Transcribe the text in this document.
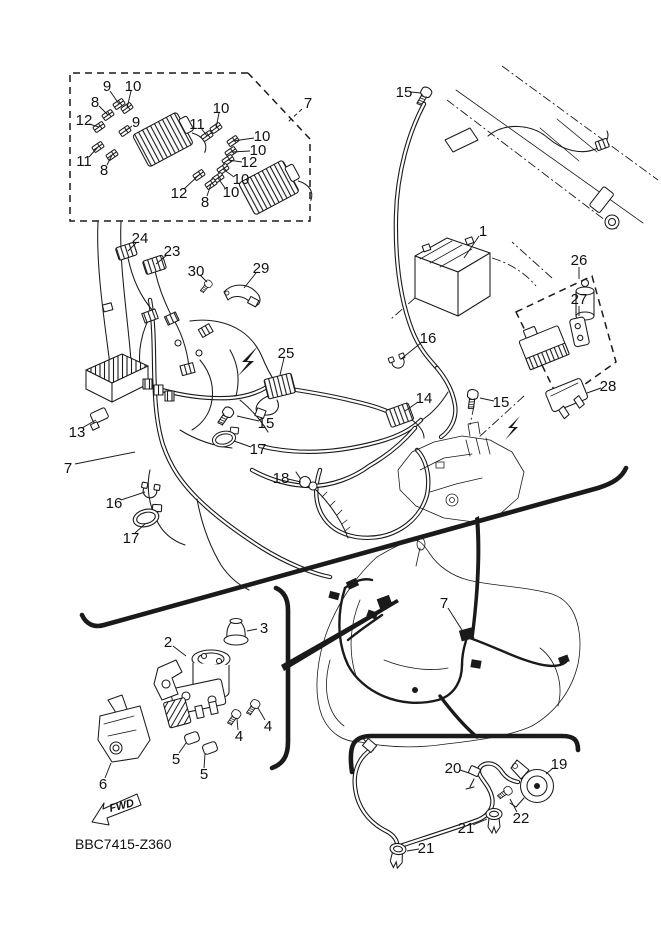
FWD
BBC7415-Z360
9 10
8
12	9
11
8
7
11
10
10
10
12
10
10
12
8
24
23
30	29
25
15
13
7
16
17
17
18
16
14	15
1
15
26
27
28
3
2
4
4
5
5
6
7
20	19
22
21
21
